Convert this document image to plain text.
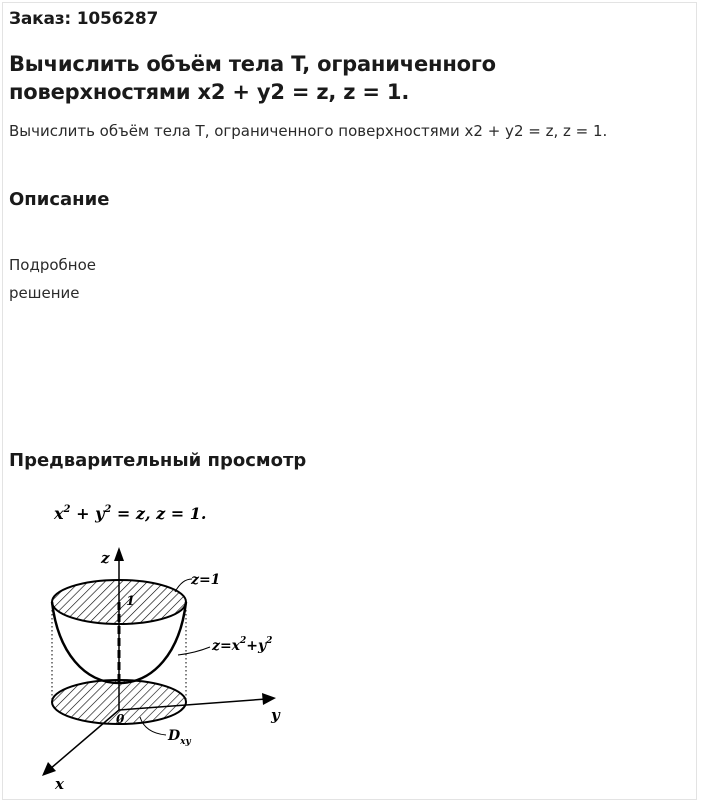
Заказ: 1056287
Вычислить объём тела T, ограниченного поверхностями x2 + y2 = z, z = 1.
Вычислить объём тела T, ограниченного поверхностями x2 + y2 = z, z = 1.
Описание
Подробное решение
Предварительный просмотр
$x^2 + y^2 = z$, z = 1.
z
y
x
z=1
1
0
$z=x^2+y^2$
$D_{xy}$
